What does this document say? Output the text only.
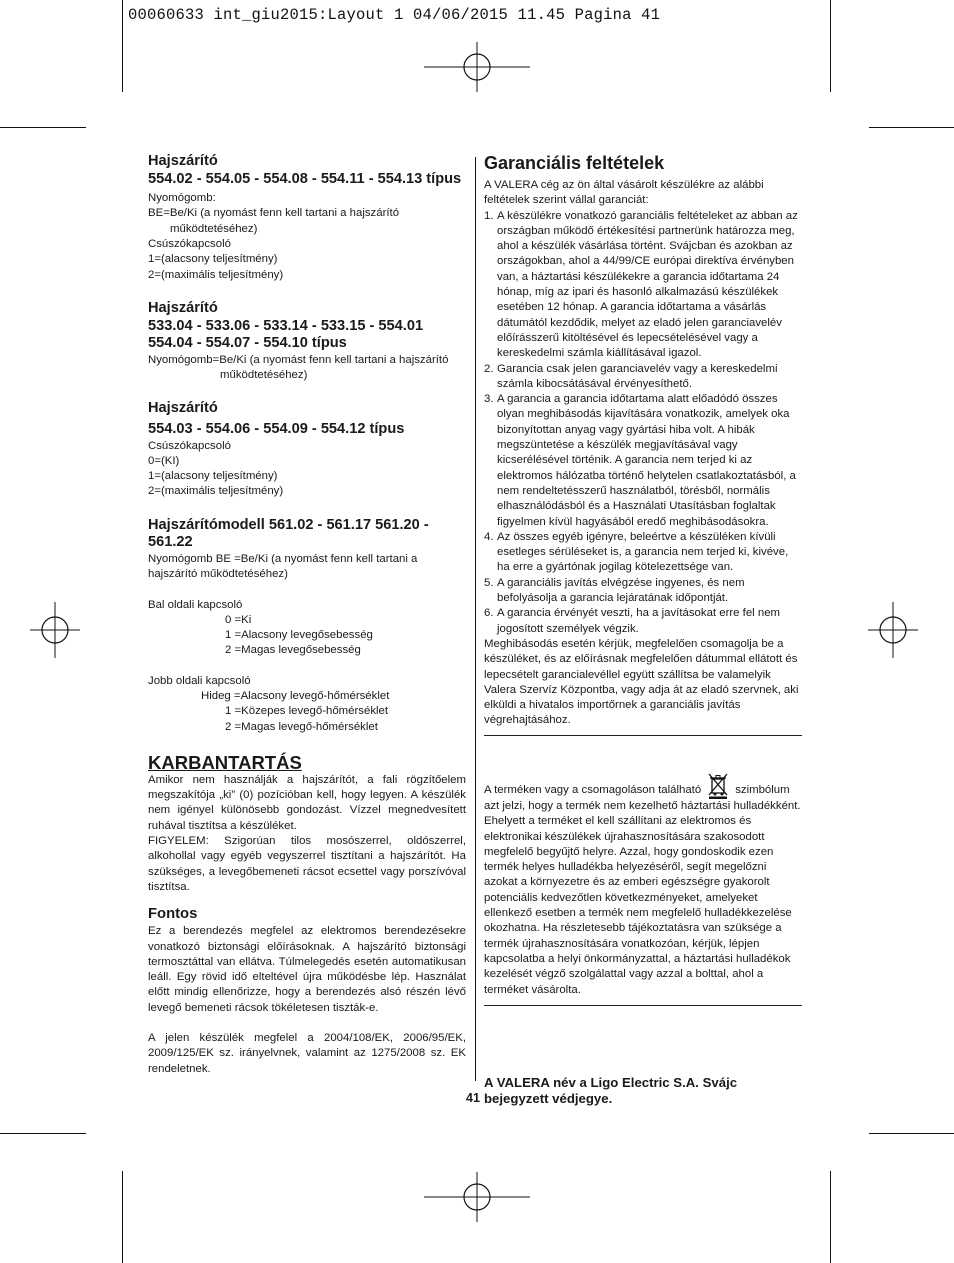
00060633 int_giu2015:Layout 1 04/06/2015 11.45 Pagina 41

Hajszárító

554.02 - 554.05 - 554.08 - 554.11 - 554.13 típus

Nyomógomb:

BE=Be/Ki (a nyomást fenn kell tartani a hajszárító

működtetéséhez)

Csúszókapcsoló

1=(alacsony teljesítmény)

2=(maximális teljesítmény)

Hajszárító

533.04 - 533.06 - 533.14 - 533.15 - 554.01 554.04 - 554.07 - 554.10 típus

Nyomógomb=Be/Ki (a nyomást fenn kell tartani a hajszárító

működtetéséhez)

Hajszárító

554.03 - 554.06 - 554.09 - 554.12 típus

Csúszókapcsoló

0=(KI)

1=(alacsony teljesítmény)

2=(maximális teljesítmény)

Hajszárítómodell 561.02 - 561.17 561.20 - 561.22

Nyomógomb BE =Be/Ki (a nyomást fenn kell tartani a hajszárító működtetéséhez)

Bal oldali kapcsoló

0 =Ki

1 =Alacsony levegősebesség

2 =Magas levegősebesség

Jobb oldali kapcsoló

Hideg =Alacsony levegő-hőmérséklet

1 =Közepes levegő-hőmérséklet

2 =Magas levegő-hőmérséklet

KARBANTARTÁS

Amikor nem használják a hajszárítót, a fali rögzítőelem megszakítója „ki” (0) pozícióban kell, hogy legyen. A készülék nem igényel különösebb gondozást. Vízzel megnedvesített ruhával tisztítsa a készüléket.

FIGYELEM: Szigorúan tilos mosószerrel, oldószerrel, alkohollal vagy egyéb vegyszerrel tisztítani a hajszárítót. Ha szükséges, a levegőbemeneti rácsot ecsettel vagy porszívóval tisztítsa.

Fontos

Ez a berendezés megfelel az elektromos berendezésekre vonatkozó biztonsági előírásoknak. A hajszárító biztonsági termosztáttal van ellátva. Túlmelegedés esetén automatikusan leáll. Egy rövid idő elteltével újra működésbe lép. Használat előtt mindig ellenőrizze, hogy a berendezés alsó részén lévő levegő bemeneti rácsok tökéletesen tiszták-e.

A jelen készülék megfelel a 2004/108/EK, 2006/95/EK, 2009/125/EK sz. irányelvnek, valamint az 1275/2008 sz. EK rendeletnek.

Garanciális feltételek

A VALERA cég az ön által vásárolt készülékre az alábbi feltételek szerint vállal garanciát:

1. A készülékre vonatkozó garanciális feltételeket az abban az országban működő értékesítési partnerünk határozza meg, ahol a készülék vásárlása történt. Svájcban és azokban az országokban, ahol a 44/99/CE európai direktíva érvényben van, a háztartási készülékekre a garancia időtartama 24 hónap, míg az ipari és hasonló alkalmazású készülékek esetében 12 hónap. A garancia időtartama a vásárlás dátumától kezdődik, melyet az eladó jelen garanciavelév előírásszerű kitöltésével és lepecsételésével vagy a kereskedelmi számla kiállításával igazol.
2. Garancia csak jelen garanciavelév vagy a kereskedelmi számla kibocsátásával érvényesíthető.
3. A garancia a garancia időtartama alatt előadódó összes olyan meghibásodás kijavítására vonatkozik, amelyek oka bizonyítottan anyag vagy gyártási hiba volt. A hibák megszüntetése a készülék megjavításával vagy kicserélésével történik. A garancia nem terjed ki az elektromos hálózatba történő helytelen csatlakoztatásból, a nem rendeltetésszerű használatból, törésből, normális elhasználódásból és a Használati Utasításban foglaltak figyelmen kívül hagyásából eredő meghibásodásokra.
4. Az összes egyéb igényre, beleértve a készüléken kívüli esetleges sérüléseket is, a garancia nem terjed ki, kivéve, ha erre a gyártónak jogilag kötelezettsége van.
5. A garanciális javítás elvégzése ingyenes, és nem befolyásolja a garancia lejáratának időpontját.
6. A garancia érvényét veszti, ha a javításokat erre fel nem jogosított személyek végzik.

Meghibásodás esetén kérjük, megfelelően csomagolja be a készüléket, és az előírásnak megfelelően dátummal ellátott és lepecsételt garancialevéllel együtt szállítsa be valamelyik Valera Szervíz Központba, vagy adja át az eladó szervnek, aki elküldi a hivatalos importőrnek a garanciális javítás végrehajtásához.

A terméken vagy a csomagoláson található	szimbólum
azt jelzi, hogy a termék nem kezelhető háztartási hulladékként. Ehelyett a terméket el kell szállítani az elektromos és elektronikai készülékek újrahasznosítására szakosodott megfelelő begyűjtő helyre. Azzal, hogy gondoskodik ezen termék helyes hulladékba helyezéséről, segít megelőzni azokat a környezetre és az emberi egészségre gyakorolt potenciális kedvezőtlen következményeket, amelyeket ellenkező esetben a termék nem megfelelő hulladékkezelése okozhatna. Ha részletesebb tájékoztatásra van szüksége a termék újrahasznosítására vonatkozóan, kérjük, lépjen kapcsolatba a helyi önkormányzattal, a háztartási hulladékok kezelését végző szolgálattal vagy azzal a bolttal, ahol a terméket vásárolta.

A VALERA név a Ligo Electric S.A. Svájc bejegyzett védjegye.

41
